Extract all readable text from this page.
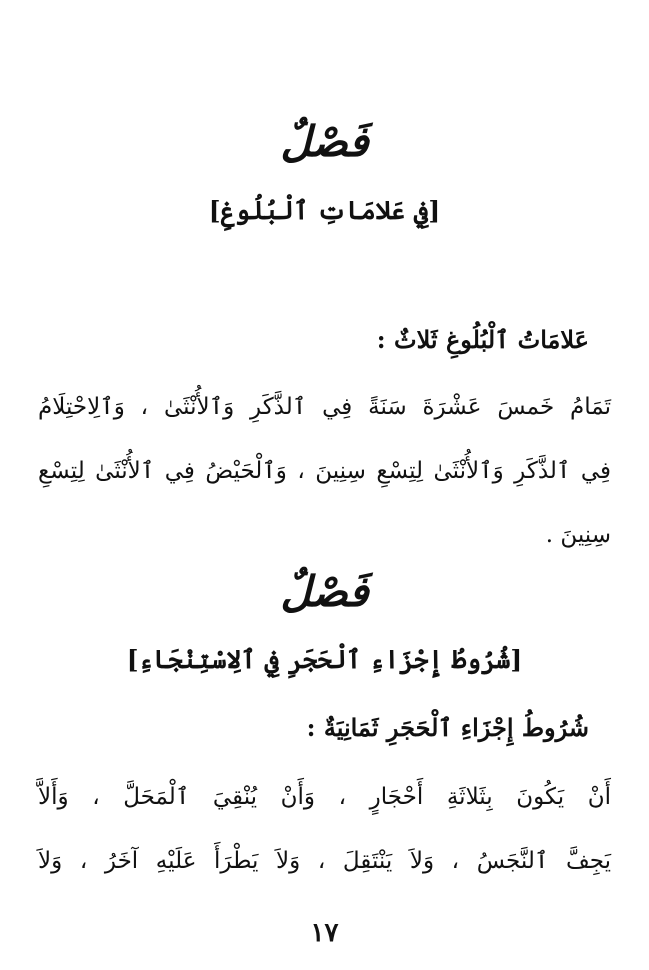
فَصْلٌ
[فِي عَلامَاتِ ٱلْبُلُوغِ]
عَلامَاتُ ٱلْبُلُوغِ ثَلاثٌ :
تَمَامُ خَمسَ عَشْرَةَ سَنَةً فِي ٱلذَّكَرِ وَٱلأُنْثَىٰ ، وَٱلِاحْتِلَامُ
فِي ٱلذَّكَرِ وَٱلأُنْثَىٰ لِتِسْعِ سِنِينَ ، وَٱلْحَيْضُ فِي ٱلأُنْثَىٰ لِتِسْعِ
سِنِينَ .
فَصْلٌ
[شُرُوطُ إِجْزَاءِ ٱلْحَجَرِ فِي ٱلِاسْتِنْجَاءِ]
شُرُوطُ إِجْزَاءِ ٱلْحَجَرِ ثَمَانِيَةٌ :
أَنْ يَكُونَ بِثَلاثَةِ أَحْجَارٍ ، وَأَنْ يُنْقِيَ ٱلْمَحَلَّ ، وَأَلاَّ
يَجِفَّ ٱلنَّجَسُ ، وَلاَ يَنْتَقِلَ ، وَلاَ يَطْرَأَ عَلَيْهِ آخَرُ ، وَلاَ
١٧
